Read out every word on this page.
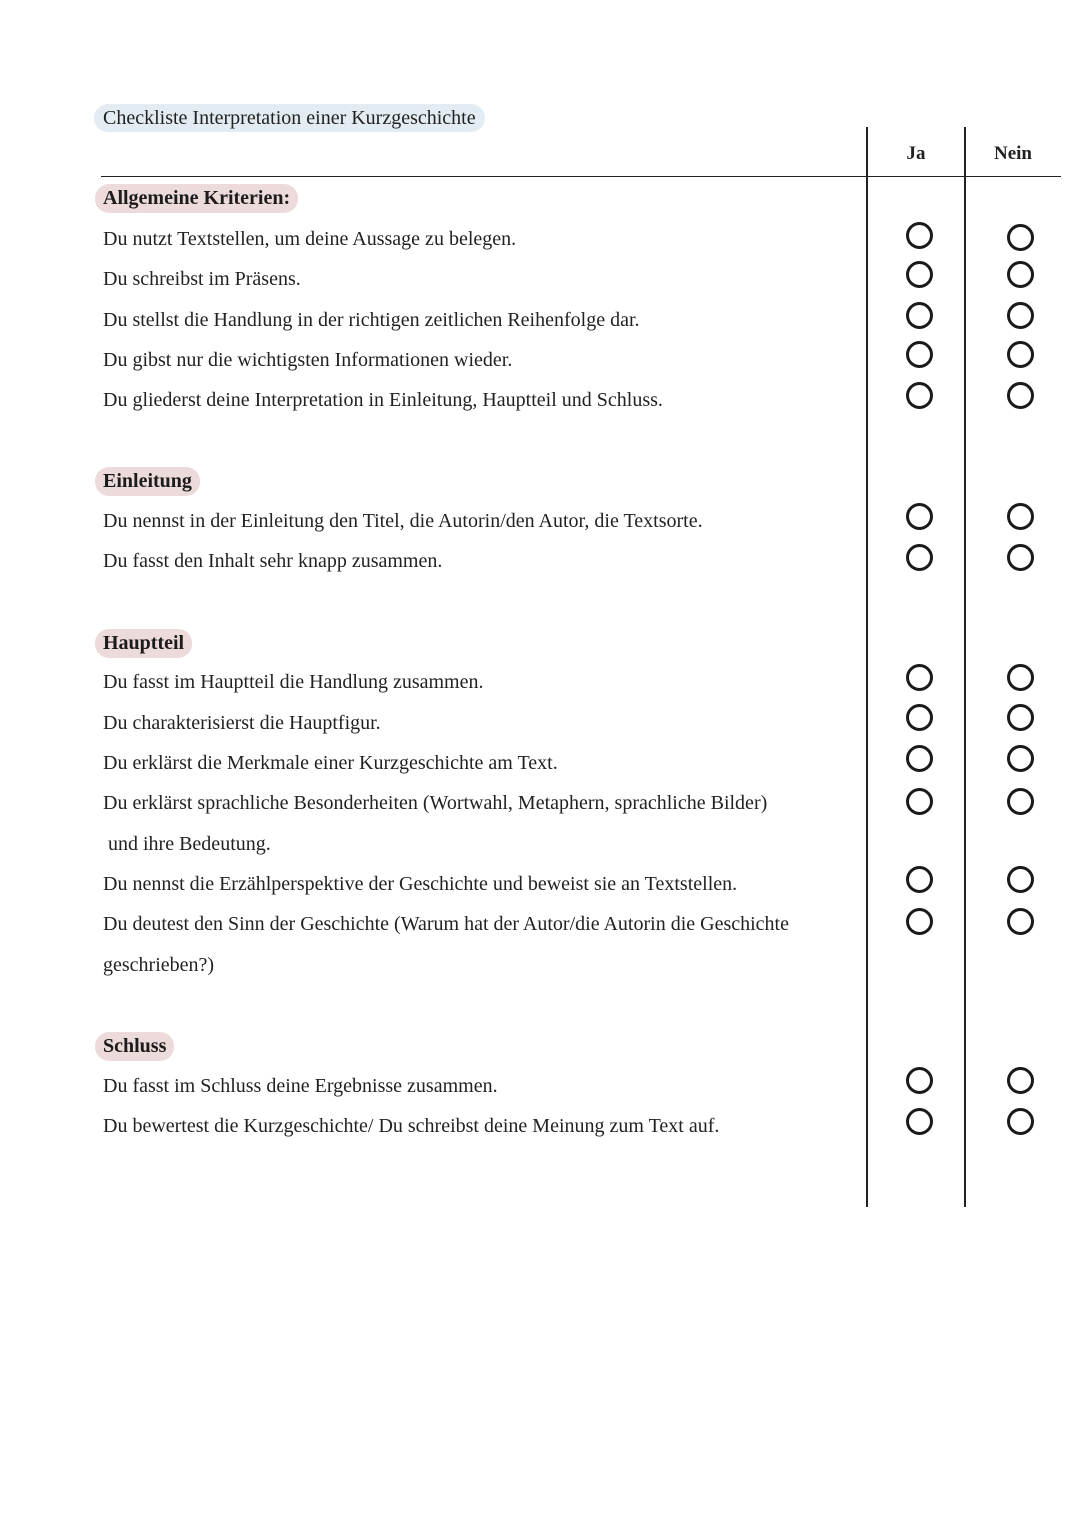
Checkliste Interpretation einer Kurzgeschichte
Ja	Nein
Allgemeine Kriterien:
Du nutzt Textstellen, um deine Aussage zu belegen.
Du schreibst im Präsens.
Du stellst die Handlung in der richtigen zeitlichen Reihenfolge dar.
Du gibst nur die wichtigsten Informationen wieder.
Du gliederst deine Interpretation in Einleitung, Hauptteil und Schluss.
Einleitung
Du nennst in der Einleitung den Titel, die Autorin/den Autor, die Textsorte.
Du fasst den Inhalt sehr knapp zusammen.
Hauptteil
Du fasst im Hauptteil die Handlung zusammen.
Du charakterisierst die Hauptfigur.
Du erklärst die Merkmale einer Kurzgeschichte am Text.
Du erklärst sprachliche Besonderheiten (Wortwahl, Metaphern, sprachliche Bilder)
und ihre Bedeutung.
Du nennst die Erzählperspektive der Geschichte und beweist sie an Textstellen.
Du deutest den Sinn der Geschichte (Warum hat der Autor/die Autorin die Geschichte
geschrieben?)
Schluss
Du fasst im Schluss deine Ergebnisse zusammen.
Du bewertest die Kurzgeschichte/ Du schreibst deine Meinung zum Text auf.
